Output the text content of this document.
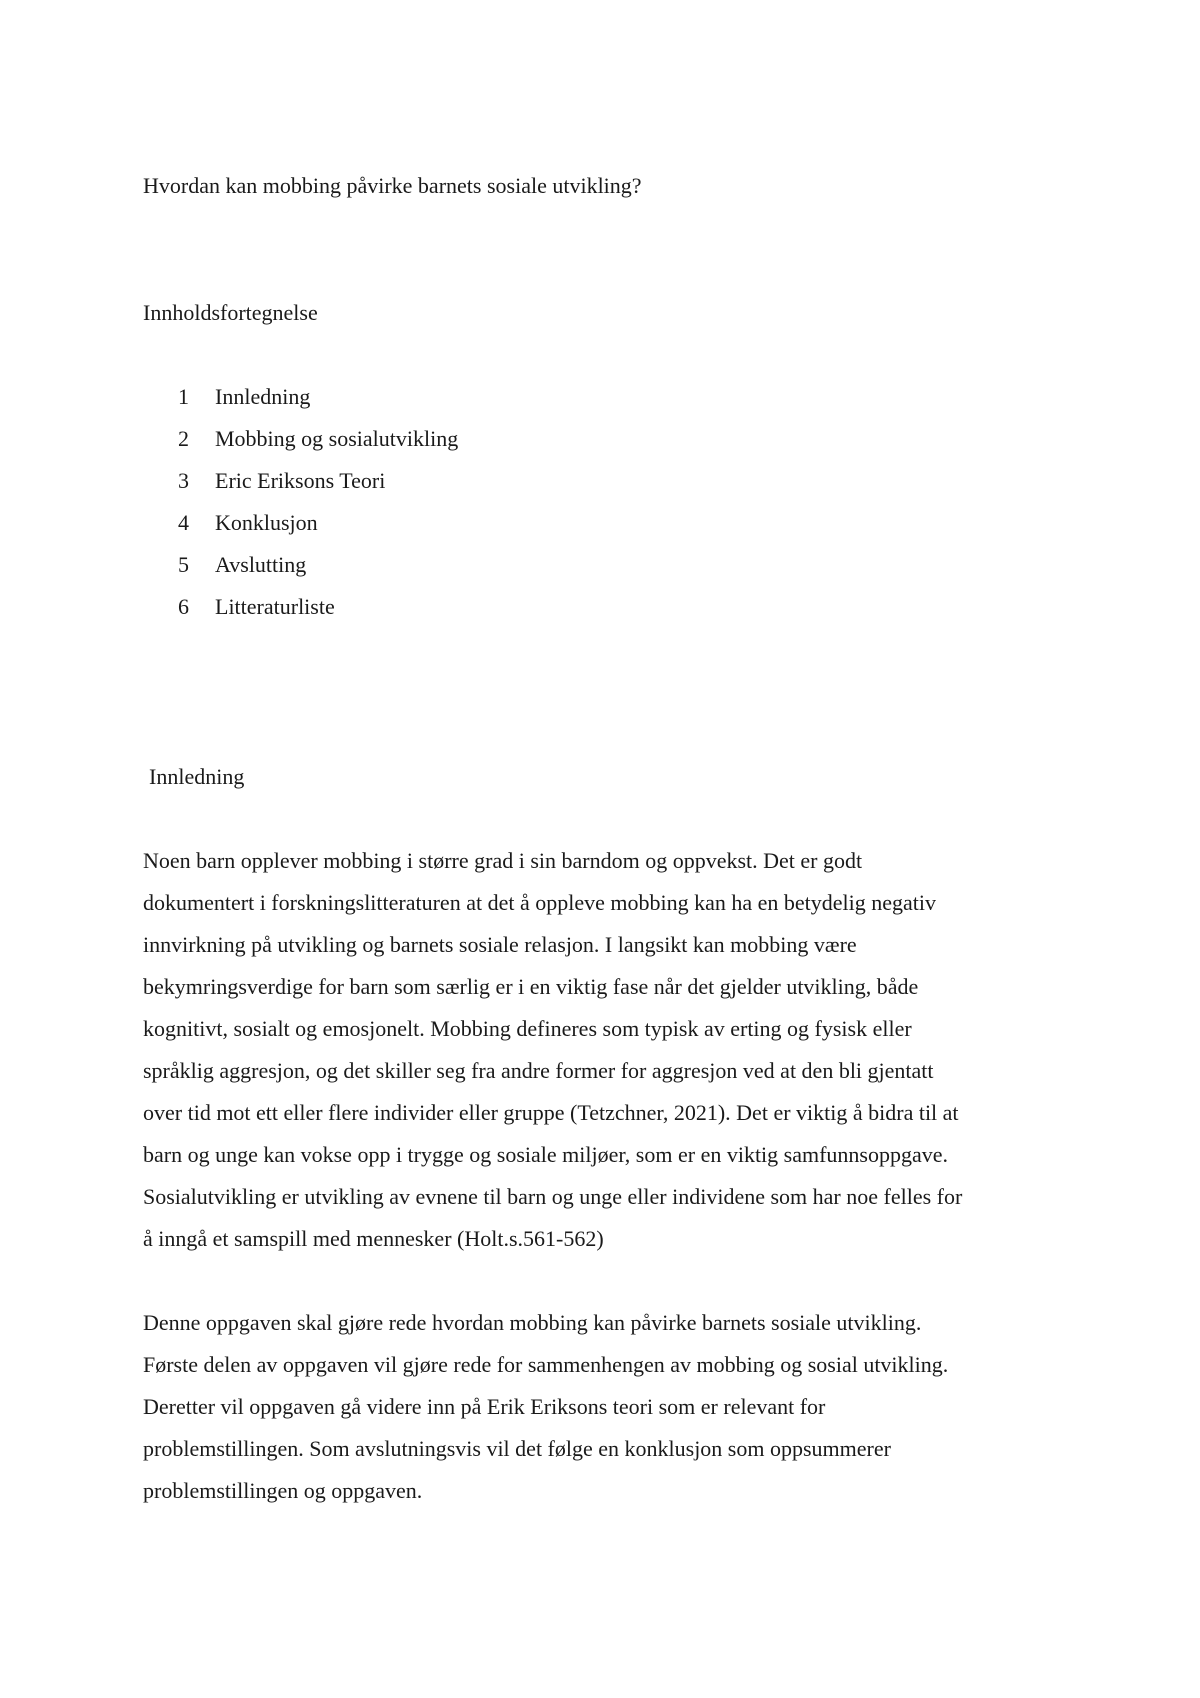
Hvordan kan mobbing påvirke barnets sosiale utvikling?
Innholdsfortegnelse
1	Innledning
2	Mobbing og sosialutvikling
3	Eric Eriksons Teori
4	Konklusjon
5	Avslutting
6	Litteraturliste
Innledning

Noen barn opplever mobbing i større grad i sin barndom og oppvekst. Det er godt
dokumentert i forskningslitteraturen at det å oppleve mobbing kan ha en betydelig negativ
innvirkning på utvikling og barnets sosiale relasjon. I langsikt kan mobbing være
bekymringsverdige for barn som særlig er i en viktig fase når det gjelder utvikling, både
kognitivt, sosialt og emosjonelt. Mobbing defineres som typisk av erting og fysisk eller
språklig aggresjon, og det skiller seg fra andre former for aggresjon ved at den bli gjentatt
over tid mot ett eller flere individer eller gruppe (Tetzchner, 2021). Det er viktig å bidra til at
barn og unge kan vokse opp i trygge og sosiale miljøer, som er en viktig samfunnsoppgave.
Sosialutvikling er utvikling av evnene til barn og unge eller individene som har noe felles for
å inngå et samspill med mennesker (Holt.s.561-562)

Denne oppgaven skal gjøre rede hvordan mobbing kan påvirke barnets sosiale utvikling.
Første delen av oppgaven vil gjøre rede for sammenhengen av mobbing og sosial utvikling.
Deretter vil oppgaven gå videre inn på Erik Eriksons teori som er relevant for
problemstillingen. Som avslutningsvis vil det følge en konklusjon som oppsummerer
problemstillingen og oppgaven.
